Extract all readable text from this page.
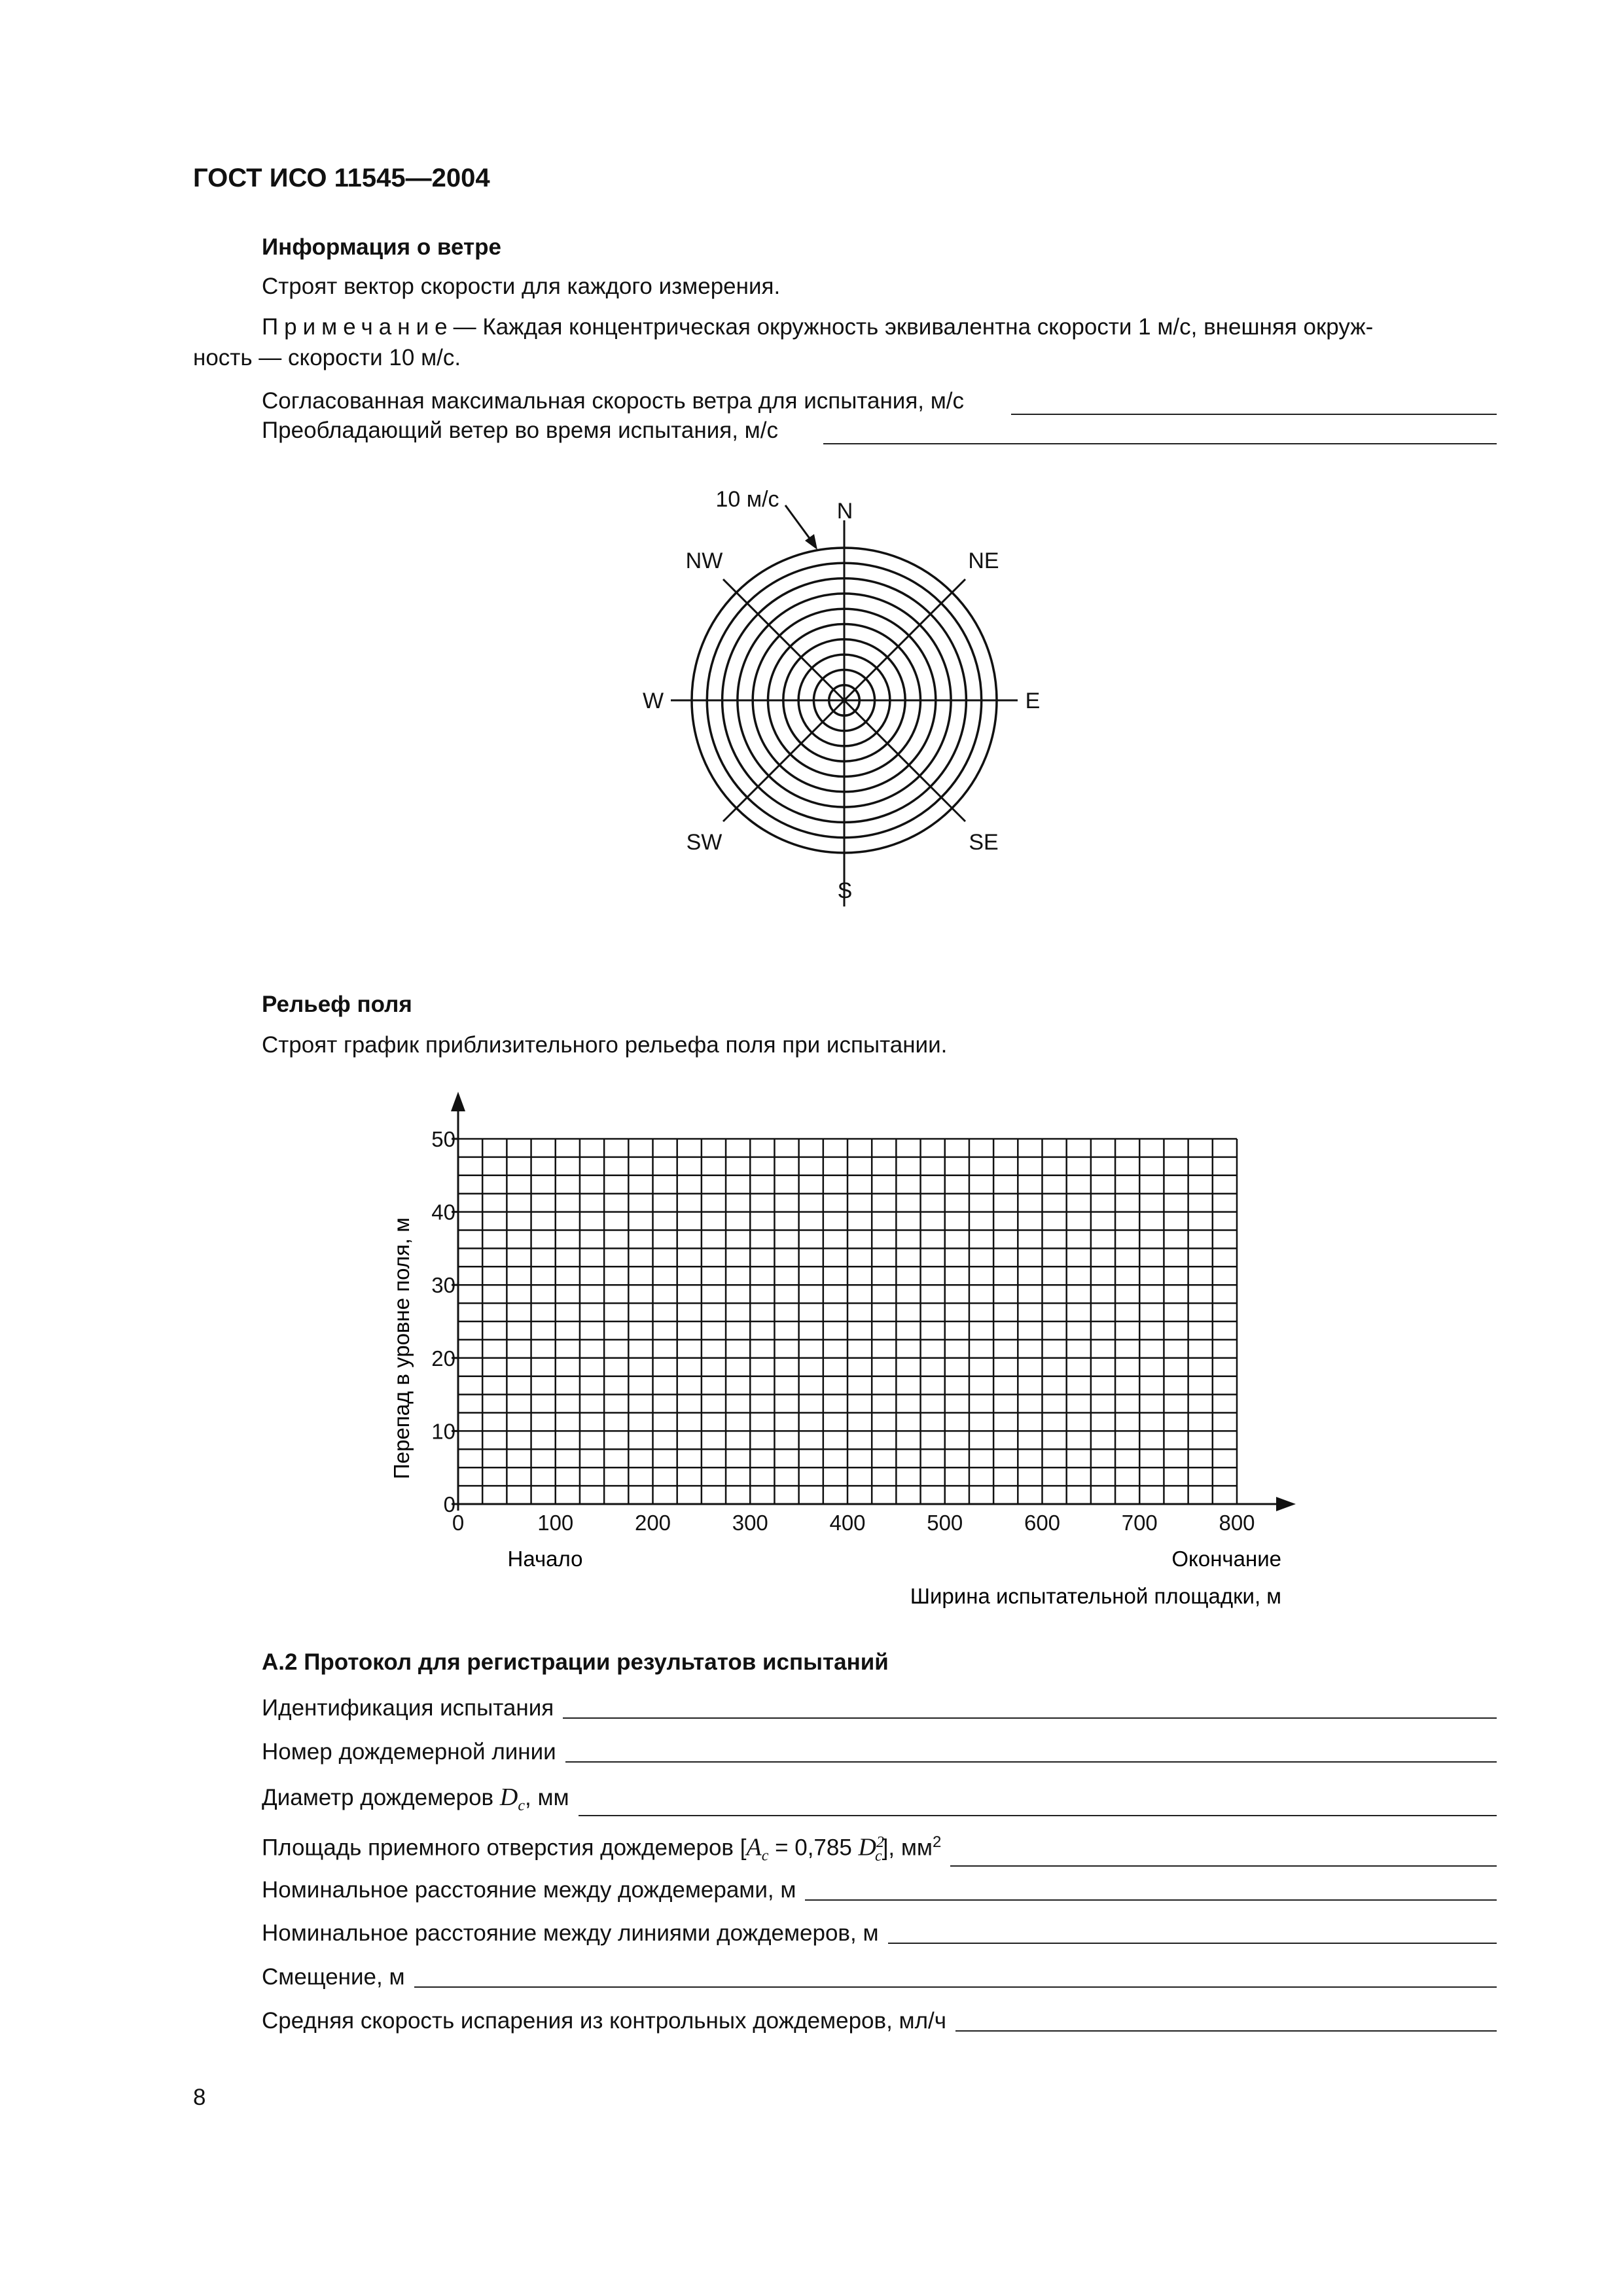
ГОСТ ИСО 11545—2004
Информация о ветре
Строят вектор скорости для каждого измерения.
Примечание— Каждая концентрическая окружность эквивалентна скорости 1 м/с, внешняя окруж-
ность — скорости 10 м/с.
Согласованная максимальная скорость ветра для испытания, м/с
Преобладающий ветер во время испытания, м/с
10 м/с	N
NW	NE
W	E
SW	SE
S
Рельеф поля
Строят график приблизительного рельефа поля при испытании.
0	100	200	300	400	500	600	700	800
0
10
20
30
40
50
Начало	Окончание
Ширина испытательной площадки, м
Перепад в уровне поля, м
А.2 Протокол для регистрации результатов испытаний
Идентификация испытания
Номер дождемерной линии
Диаметр дождемеров $D_c$, мм
Площадь приемного отверстия дождемеров [$A_c = 0,785$ $D^2_c$], $мм^2$
Номинальное расстояние между дождемерами, м
Номинальное расстояние между линиями дождемеров, м
Смещение, м
Средняя скорость испарения из контрольных дождемеров, мл/ч
8
